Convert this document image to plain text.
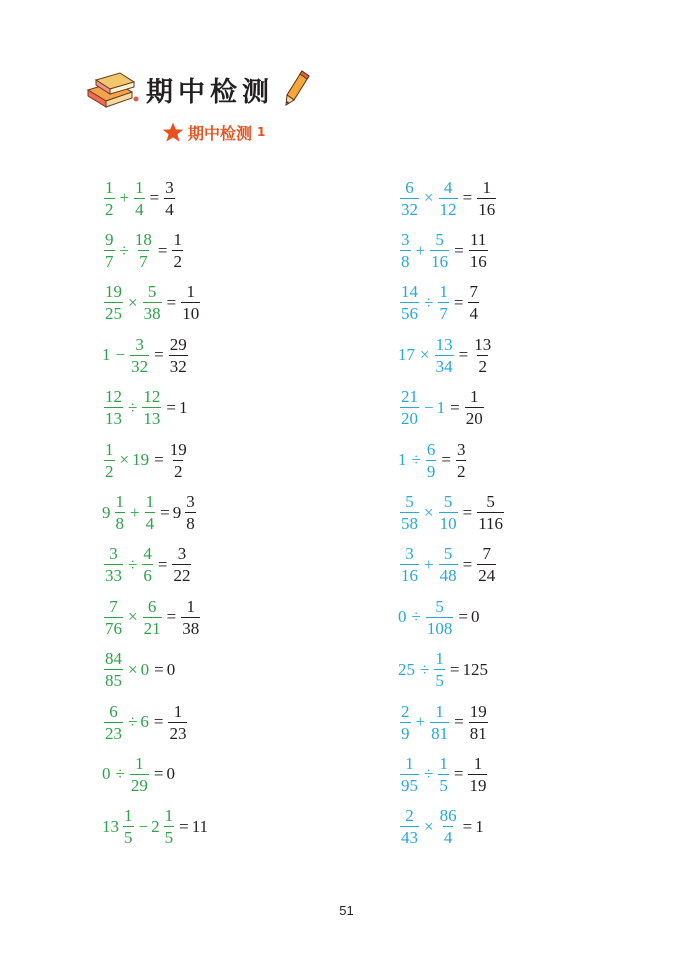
期中检测
期中检测 1
$\frac{1}{2} + \frac{1}{4} = \frac{3}{4}$
$\frac{9}{7} \div \frac{18}{7} = \frac{1}{2}$
$\frac{19}{25} \times \frac{5}{38} = \frac{1}{10}$
$1 - \frac{3}{32} = \frac{29}{32}$
$\frac{12}{13} \div \frac{12}{13} = 1$
$\frac{1}{2} \times 19 = \frac{19}{2}$
$9 \frac{1}{8} + \frac{1}{4} = 9 \frac{3}{8}$
$\frac{3}{33} \div \frac{4}{6} = \frac{3}{22}$
$\frac{7}{76} \times \frac{6}{21} = \frac{1}{38}$
$\frac{84}{85} \times 0 = 0$
$\frac{6}{23} \div 6 = \frac{1}{23}$
$0 \div \frac{1}{29} = 0$
$13 \frac{1}{5} - 2 \frac{1}{5} = 11$
$\frac{6}{32} \times \frac{4}{12} = \frac{1}{16}$
$\frac{3}{8} + \frac{5}{16} = \frac{11}{16}$
$\frac{14}{56} \div \frac{1}{7} = \frac{7}{4}$
$17 \times \frac{13}{34} = \frac{13}{2}$
$\frac{21}{20} - 1 = \frac{1}{20}$
$1 \div \frac{6}{9} = \frac{3}{2}$
$\frac{5}{58} \times \frac{5}{10} = \frac{5}{116}$
$\frac{3}{16} + \frac{5}{48} = \frac{7}{24}$
$0 \div \frac{5}{108} = 0$
$25 \div \frac{1}{5} = 125$
$\frac{2}{9} + \frac{1}{81} = \frac{19}{81}$
$\frac{1}{95} \div \frac{1}{5} = \frac{1}{19}$
$\frac{2}{43} \times \frac{86}{4} = 1$
51
